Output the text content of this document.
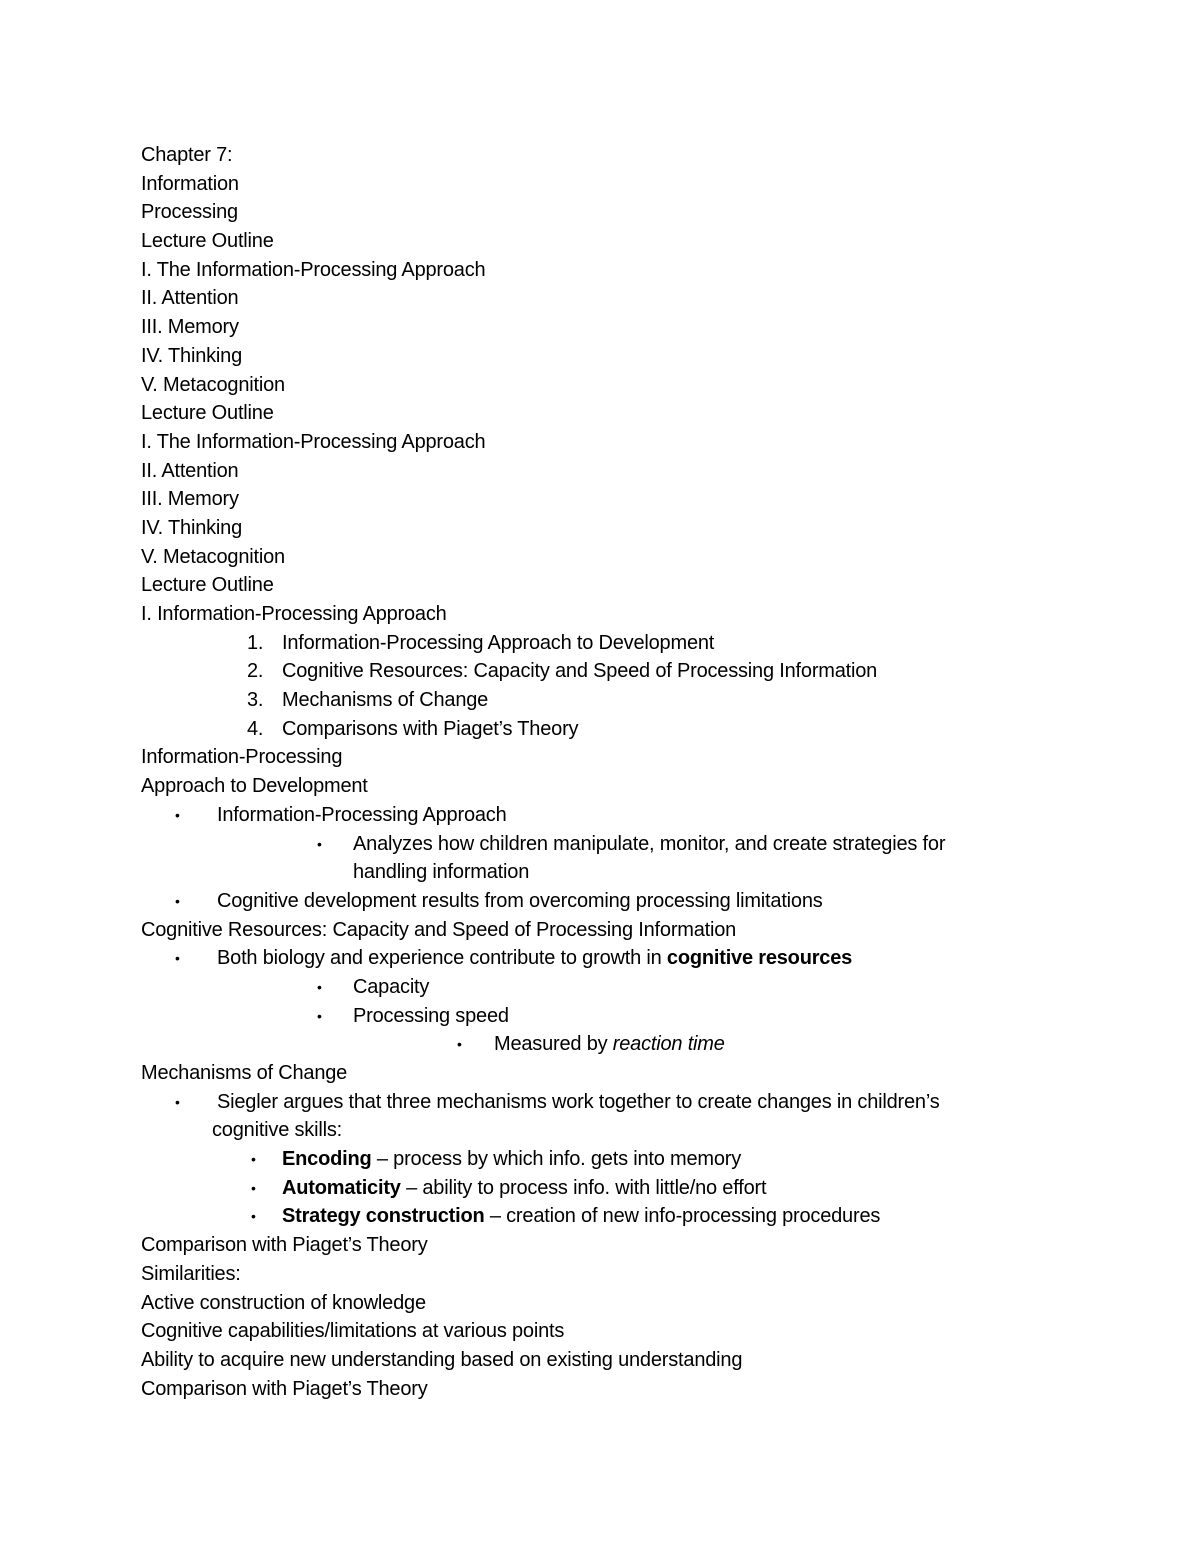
Chapter 7:
Information
Processing
Lecture Outline
I. The Information-Processing Approach
II. Attention
III. Memory
IV. Thinking
V. Metacognition
Lecture Outline
I. The Information-Processing Approach
II. Attention
III. Memory
IV. Thinking
V. Metacognition
Lecture Outline
I. Information-Processing Approach
1. Information-Processing Approach to Development
2. Cognitive Resources: Capacity and Speed of Processing Information
3. Mechanisms of Change
4. Comparisons with Piaget’s Theory
Information-Processing
Approach to Development
•	Information-Processing Approach
•	Analyzes how children manipulate, monitor, and create strategies for
handling information
•	Cognitive development results from overcoming processing limitations
Cognitive Resources: Capacity and Speed of Processing Information
•	Both biology and experience contribute to growth in cognitive resources
•	Capacity
•	Processing speed
•	Measured by reaction time
Mechanisms of Change
•	Siegler argues that three mechanisms work together to create changes in children’s
cognitive skills:
•	Encoding – process by which info. gets into memory
•	Automaticity – ability to process info. with little/no effort
•	Strategy construction – creation of new info-processing procedures
Comparison with Piaget’s Theory
Similarities:
Active construction of knowledge
Cognitive capabilities/limitations at various points
Ability to acquire new understanding based on existing understanding
Comparison with Piaget’s Theory
